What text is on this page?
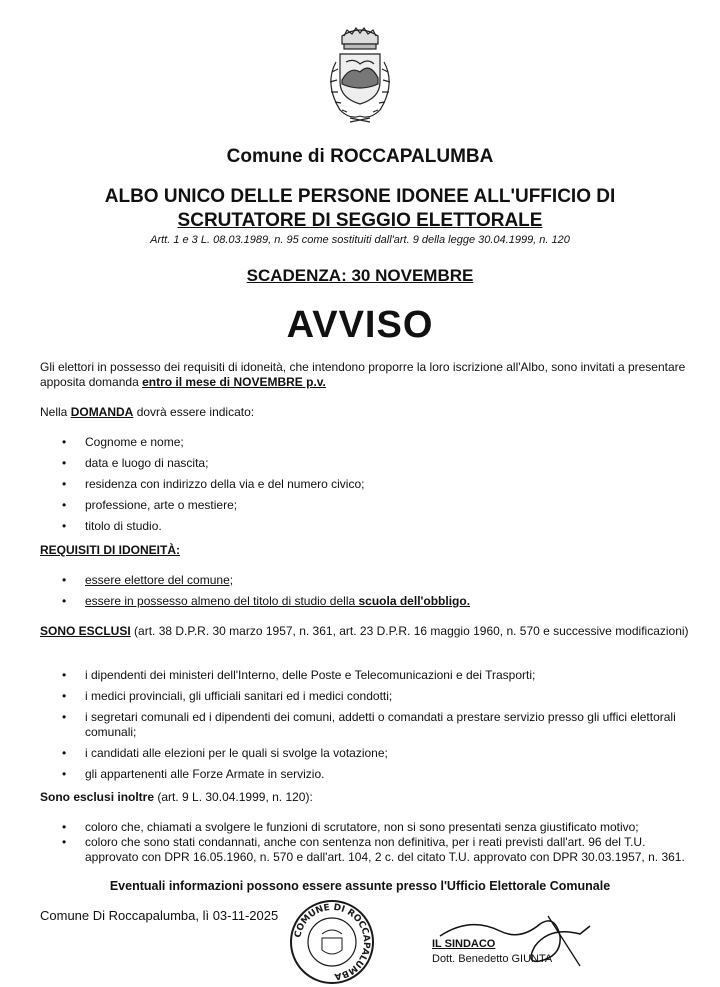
Comune di ROCCAPALUMBA
ALBO UNICO DELLE PERSONE IDONEE ALL'UFFICIO DI
SCRUTATORE DI SEGGIO ELETTORALE
Artt. 1 e 3 L. 08.03.1989, n. 95 come sostituiti dall'art. 9 della legge 30.04.1999, n. 120
SCADENZA: 30 NOVEMBRE
AVVISO
Gli elettori in possesso dei requisiti di idoneità, che intendono proporre la loro iscrizione all'Albo, sono invitati a presentare apposita domanda entro il mese di NOVEMBRE p.v.
Nella DOMANDA dovrà essere indicato:
• Cognome e nome;
• data e luogo di nascita;
• residenza con indirizzo della via e del numero civico;
• professione, arte o mestiere;
• titolo di studio.
REQUISITI DI IDONEITÀ:
• essere elettore del comune;
• essere in possesso almeno del titolo di studio della scuola dell'obbligo.
SONO ESCLUSI (art. 38 D.P.R. 30 marzo 1957, n. 361, art. 23 D.P.R. 16 maggio 1960, n. 570 e successive modificazioni)
• i dipendenti dei ministeri dell'Interno, delle Poste e Telecomunicazioni e dei Trasporti;
• i medici provinciali, gli ufficiali sanitari ed i medici condotti;
• i segretari comunali ed i dipendenti dei comuni, addetti o comandati a prestare servizio presso gli uffici elettorali comunali;
• i candidati alle elezioni per le quali si svolge la votazione;
• gli appartenenti alle Forze Armate in servizio.
Sono esclusi inoltre (art. 9 L. 30.04.1999, n. 120):
• coloro che, chiamati a svolgere le funzioni di scrutatore, non si sono presentati senza giustificato motivo;
• coloro che sono stati condannati, anche con sentenza non definitiva, per i reati previsti dall'art. 96 del T.U. approvato con DPR 16.05.1960, n. 570 e dall'art. 104, 2 c. del citato T.U. approvato con DPR 30.03.1957, n. 361.
Eventuali informazioni possono essere assunte presso l'Ufficio Elettorale Comunale
Comune Di Roccapalumba, lì 03-11-2025
COMUNE DI ROCCAPALUMBA
IL SINDACO
Dott. Benedetto GIUNTA
